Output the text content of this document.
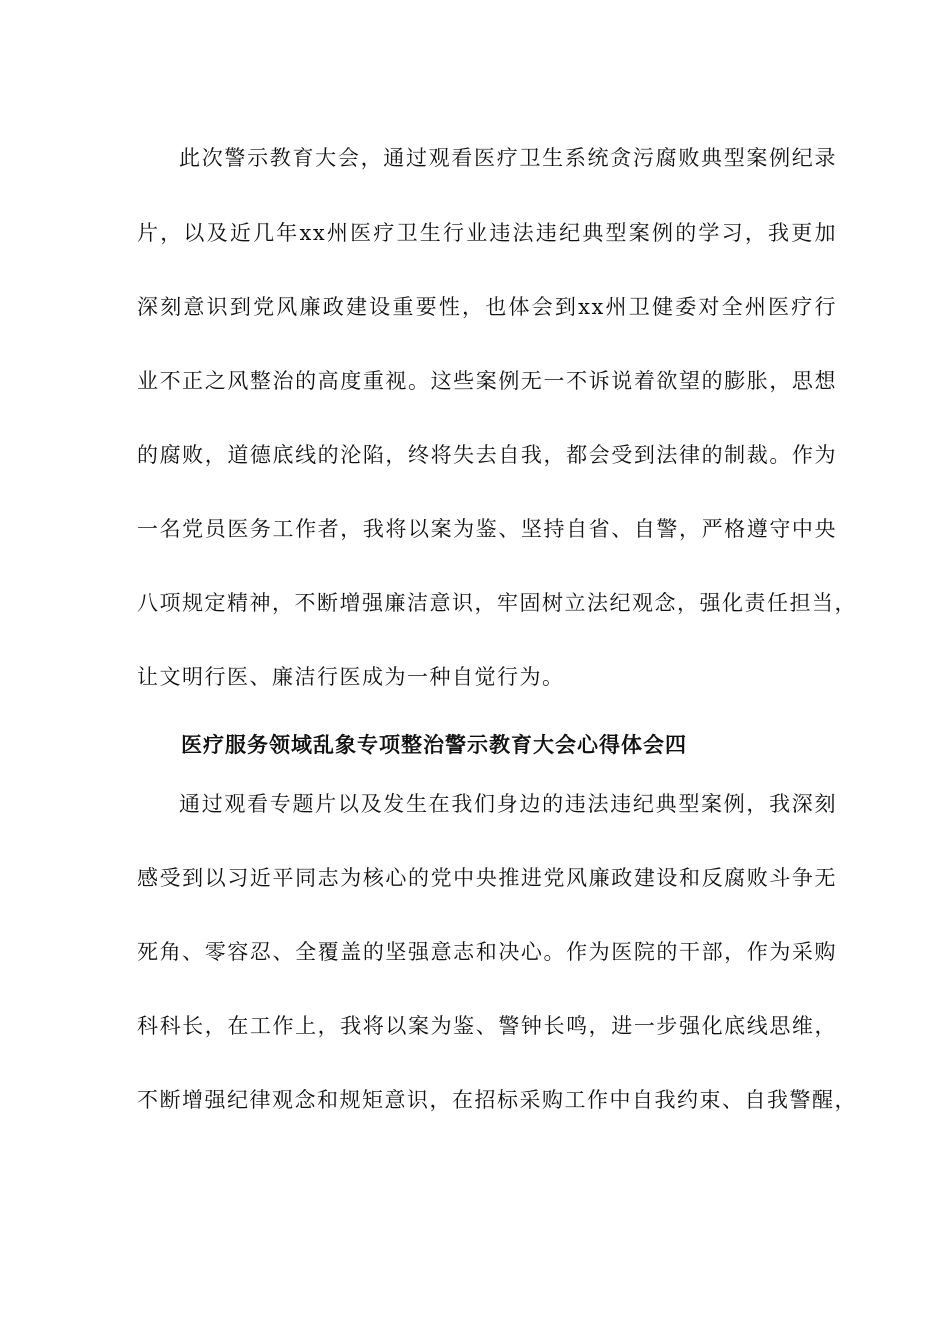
此次警示教育大会，通过观看医疗卫生系统贪污腐败典型案例纪录
片，以及近几年xx州医疗卫生行业违法违纪典型案例的学习，我更加
深刻意识到党风廉政建设重要性，也体会到xx州卫健委对全州医疗行
业不正之风整治的高度重视。这些案例无一不诉说着欲望的膨胀，思想
的腐败，道德底线的沦陷，终将失去自我，都会受到法律的制裁。作为
一名党员医务工作者，我将以案为鉴、坚持自省、自警，严格遵守中央
八项规定精神，不断增强廉洁意识，牢固树立法纪观念，强化责任担当，
让文明行医、廉洁行医成为一种自觉行为。
医疗服务领域乱象专项整治警示教育大会心得体会四
通过观看专题片以及发生在我们身边的违法违纪典型案例，我深刻
感受到以习近平同志为核心的党中央推进党风廉政建设和反腐败斗争无
死角、零容忍、全覆盖的坚强意志和决心。作为医院的干部，作为采购
科科长，在工作上，我将以案为鉴、警钟长鸣，进一步强化底线思维，
不断增强纪律观念和规矩意识，在招标采购工作中自我约束、自我警醒，
